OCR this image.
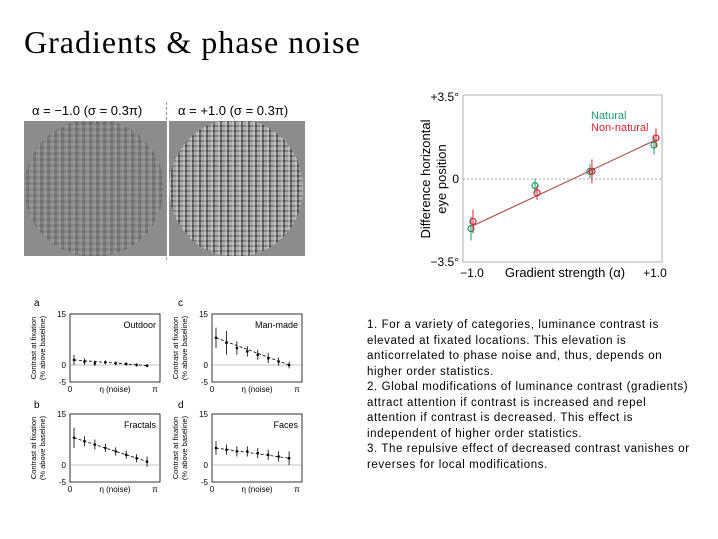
Gradients & phase noise
α = −1.0 (σ = 0.3π)	α = +1.0 (σ = 0.3π)
+3.5°
0
−3.5°
−1.0	+1.0
Gradient strength (α)
Difference horizontal eye position
Natural
Non-natural
a
Outdoor
15
0
-5
0	π
η (noise)
Contrast at fixation (% above baseline)
c
Man-made
15
0
-5
0	π
η (noise)
Contrast at fixation (% above baseline)
b
Fractals
15
0
-5
0	π
η (noise)
Contrast at fixation (% above baseline)
d
Faces
15
0
-5
0	π
η (noise)
Contrast at fixation (% above baseline)

1. For a variety of categories, luminance contrast is elevated at fixated locations. This elevation is anticorrelated to phase noise and, thus, depends on higher order statistics.

2. Global modifications of luminance contrast (gradients) attract attention if contrast is increased and repel attention if contrast is decreased. This effect is independent of higher order statistics.

3. The repulsive effect of decreased contrast vanishes or reverses for local modifications.
